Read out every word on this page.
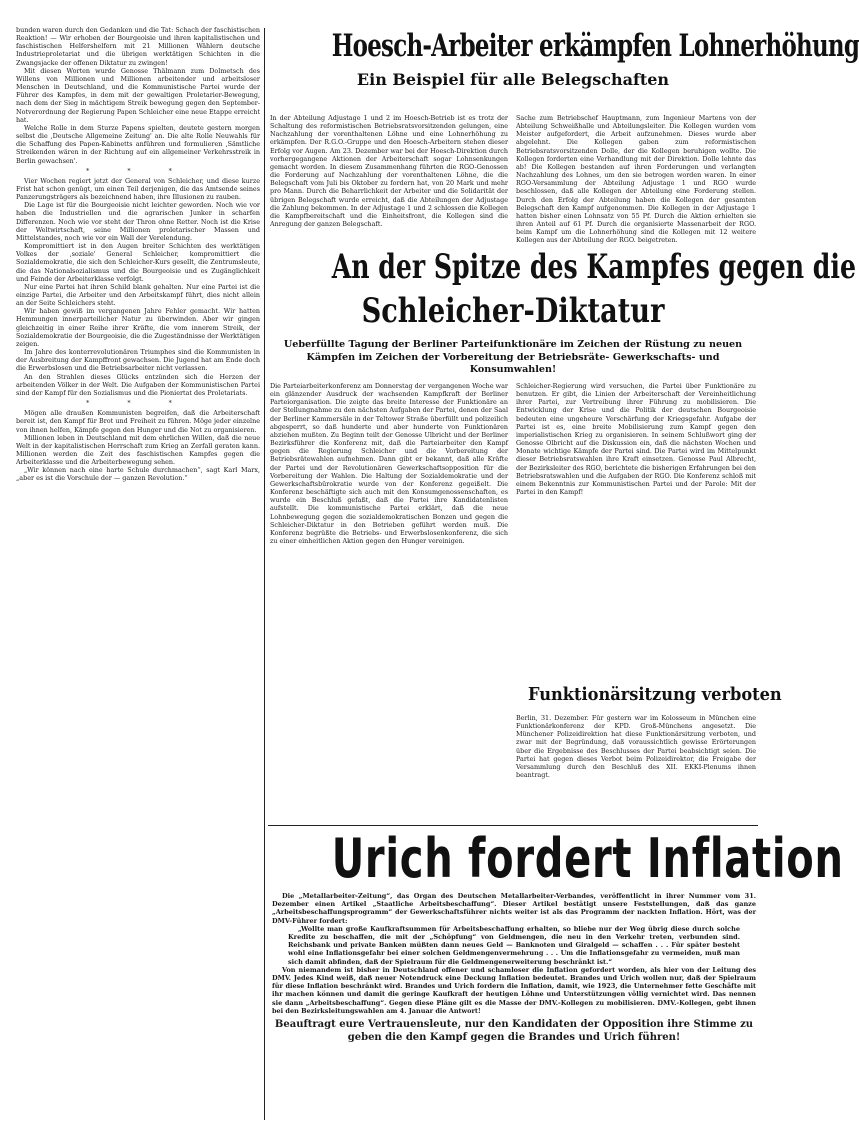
bunden waren durch den Gedanken und die Tat: Schach der faschistischen Reaktion! — Wir erhoben der Bourgeoisie und ihren kapitalistischen und faschistischen Helfershelfern mit 21 Millionen Wählern deutsche Industrieproletariat und die übrigen werktätigen Schichten in die Zwangsjacke der offenen Diktatur zu zwingen!

Mit diesen Worten wurde Genosse Thälmann zum Dolmetsch des Willens von Millionen und Millionen arbeitender und arbeitsloser Menschen in Deutschland, und die Kommunistische Partei wurde der Führer des Kampfes, in dem mit der gewaltigen Proletarier-Bewegung, nach dem der Sieg in mächtigem Streik bewegung gegen den September-Notverordnung der Regierung Papen Schleicher eine neue Etappe erreicht hat.

Welche Rolle in dem Sturze Papens spielten, deutete gestern morgen selbst die ,Deutsche Allgemeine Zeitung' an. Die alte Rolle Neuwahls für die Schaffung des Papen-Kabinetts anführen und formulieren ,Sämtliche Streikenden wären in der Richtung auf ein allgemeiner Verkehrsstreik in Berlin gewachsen'.

* * *

Vier Wochen regiert jetzt der General von Schleicher, und diese kurze Frist hat schon genügt, um einen Teil derjenigen, die das Amtsende seines Panzerungsträgers als bezeichnend haben, ihre Illusionen zu rauben.

Die Lage ist für die Bourgeoisie nicht leichter geworden. Noch wie vor haben die Industriellen und die agrarischen Junker in scharfen Differenzen. Noch wie vor steht der Thron ohne Retter. Noch ist die Krise der Weltwirtschaft, seine Millionen proletarischer Massen und Mittelstandes, noch wie vor ein Wall der Verelendung.

Kompromittiert ist in den Augen breiter Schichten des werktätigen Volkes der ,soziale' General Schleicher, kompromittiert die Sozialdemokratie, die sich den Schleicher-Kurs gesellt, die Zentrumsleute, die das Nationalsozialismus und die Bourgeoisie und es Zugänglichkeit und Feinde der Arbeiterklasse verfolgt.

Nur eine Partei hat ihren Schild blank gehalten. Nur eine Partei ist die einzige Partei, die Arbeiter und den Arbeitskampf führt, dies nicht allein an der Seite Schleichers steht.

Wir haben gewiß im vergangenen Jahre Fehler gemacht. Wir hatten Hemmungen innerparteilicher Natur zu überwinden. Aber wir gingen gleichzeitig in einer Reihe ihrer Kräfte, die vom innerem Streik, der Sozialdemokratie der Bourgeoisie, die die Zugeständnisse der Werktätigen zeigen.

Im Jahre des konterrevolutionären Triumphes sind die Kommunisten in der Ausbreitung der Kampffront gewachsen. Die Jugend hat am Ende doch die Erwerbslosen und die Betriebsarbeiter nicht verlassen.

An den Strahlen dieses Glücks entzünden sich die Herzen der arbeitenden Völker in der Welt. Die Aufgaben der Kommunistischen Partei sind der Kampf für den Sozialismus und die Pioniertat des Proletariats.

* * *

Mögen alle draußen Kommunisten begreifen, daß die Arbeiterschaft bereit ist, den Kampf für Brot und Freiheit zu führen. Möge jeder einzelne von ihnen helfen, Kämpfe gegen den Hunger und die Not zu organisieren.

Millionen leben in Deutschland mit dem ehrlichen Willen, daß die neue Welt in der kapitalistischen Herrschaft zum Krieg an Zerfall geraten kann. Millionen werden die Zeit des faschistischen Kampfes gegen die Arbeiterklasse und die Arbeiterbewegung sehen.

„Wir können nach eine harte Schule durchmachen“, sagt Karl Marx, „aber es ist die Vorschule der — ganzen Revolution.“

Hoesch-Arbeiter erkämpfen Lohnerhöhung
Ein Beispiel für alle Belegschaften
In der Abteilung Adjustage 1 und 2 im Hoesch-Betrieb ist es trotz der Schaltung des reformistischen Betriebsratsvorsitzenden gelungen, eine Nachzahlung der vorenthaltenen Löhne und eine Lohnerhöhung zu erkämpfen. Der R.G.O.-Gruppe und den Hoesch-Arbeitern stehen dieser Erfolg vor Augen. Am 23. Dezember war bei der Hoesch-Direktion durch vorhergegangene Aktionen der Arbeiterschaft sogar Lohnsenkungen gemacht worden. In diesem Zusammenhang führten die RGO-Genossen die Forderung auf Nachzahlung der vorenthaltenen Löhne, die die Belegschaft vom Juli bis Oktober zu fordern hat, von 20 Mark und mehr pro Mann. Durch die Beharrlichkeit der Arbeiter und die Solidarität der übrigen Belegschaft wurde erreicht, daß die Abteilungen der Adjustage die Zahlung bekommen. In der Adjustage 1 und 2 schlossen die Kollegen die Kampfbereitschaft und die Einheitsfront, die Kollegen sind die Anregung der ganzen Belegschaft.
Sache zum Betriebschef Hauptmann, zum Ingenieur Martens von der Abteilung Schweißhalle und Abteilungsleiter. Die Kollegen wurden vom Meister aufgefordert, die Arbeit aufzunehmen. Dieses wurde aber abgelehnt. Die Kollegen gaben zum reformistischen Betriebsratsvorsitzenden Dolle, der die Kollegen beruhigen wollte. Die Kollegen forderten eine Verhandlung mit der Direktion. Dolle lehnte das ab! Die Kollegen bestanden auf ihren Forderungen und verlangten Nachzahlung des Lohnes, um den sie betrogen worden waren. In einer RGO-Versammlung der Abteilung Adjustage 1 und RGO wurde beschlossen, daß alle Kollegen der Abteilung eine Forderung stellen. Durch den Erfolg der Abteilung haben die Kollegen der gesamten Belegschaft den Kampf aufgenommen. Die Kollegen in der Adjustage 1 hatten bisher einen Lohnsatz von 55 Pf. Durch die Aktion erhielten sie ihren Anteil auf 61 Pf. Durch die organisierte Massenarbeit der RGO. beim Kampf um die Lohnerhöhung sind die Kollegen mit 12 weitere Kollegen aus der Abteilung der RGO. beigetreten.
An der Spitze des Kampfes gegen die
Schleicher-Diktatur
Ueberfüllte Tagung der Berliner Parteifunktionäre im Zeichen der Rüstung zu neuen Kämpfen im Zeichen der Vorbereitung der Betriebsräte- Gewerkschafts- und Konsumwahlen!
Die Parteiarbeiterkonferenz am Donnerstag der vergangenen Woche war ein glänzender Ausdruck der wachsenden Kampfkraft der Berliner Parteiorganisation. Die zeigte das breite Interesse der Funktionäre an der Stellungnahme zu den nächsten Aufgaben der Partei, denen der Saal der Berliner Kammersäle in der Teltower Straße überfüllt und polizeilich abgesperrt, so daß hunderte und aber hunderte von Funktionären abziehen mußten. Zu Beginn teilt der Genosse Ulbricht und der Berliner Bezirksführer die Konferenz mit, daß die Parteiarbeiter den Kampf gegen die Regierung Schleicher und die Vorbereitung der Betriebsrätewahlen aufnehmen. Dann gibt er bekannt, daß alle Kräfte der Partei und der Revolutionären Gewerkschaftsopposition für die Vorbereitung der Wahlen. Die Haltung der Sozialdemokratie und der Gewerkschaftsbürokratie wurde von der Konferenz gegeißelt. Die Konferenz beschäftigte sich auch mit den Konsumgenossenschaften, es wurde ein Beschluß gefaßt, daß die Partei ihre Kandidatenlisten aufstellt. Die kommunistische Partei erklärt, daß die neue Lohnbewegung gegen die sozialdemokratischen Bonzen und gegen die Schleicher-Diktatur in den Betrieben geführt werden muß. Die Konferenz begrüßte die Betriebs- und Erwerbslosenkonferenz, die sich zu einer einheitlichen Aktion gegen den Hunger vereinigen.
Schleicher-Regierung wird versuchen, die Partei über Funktionäre zu benutzen. Er gibt, die Linien der Arbeiterschaft der Vereinheitlichung ihrer Partei, zur Vertreibung ihrer Führung zu mobilisieren. Die Entwicklung der Krise und die Politik der deutschen Bourgeoisie bedeuten eine ungeheure Verschärfung der Kriegsgefahr. Aufgabe der Partei ist es, eine breite Mobilisierung zum Kampf gegen den imperialistischen Krieg zu organisieren. In seinem Schlußwort ging der Genosse Olbricht auf die Diskussion ein, daß die nächsten Wochen und Monate wichtige Kämpfe der Partei sind. Die Partei wird im Mittelpunkt dieser Betriebsratswahlen ihre Kraft einsetzen. Genosse Paul Albrecht, der Bezirksleiter des RGO, berichtete die bisherigen Erfahrungen bei den Betriebsratswahlen und die Aufgaben der RGO. Die Konferenz schloß mit einem Bekenntnis zur Kommunistischen Partei und der Parole: Mit der Partei in den Kampf!
Funktionärsitzung verboten
Berlin, 31. Dezember. Für gestern war im Kolosseum in München eine Funktionärkonferenz der KPD. Groß-Münchens angesetzt. Die Münchener Polizeidirektion hat diese Funktionärsitzung verboten, und zwar mit der Begründung, daß voraussichtlich gewisse Erörterungen über die Ergebnisse des Beschlusses der Partei beabsichtigt seien. Die Partei hat gegen dieses Verbot beim Polizeidirektor, die Freigabe der Versammlung durch den Beschluß des XII. EKKI-Plenums ihnen beantragt.
Urich fordert Inflation

Die „Metallarbeiter-Zeitung“, das Organ des Deutschen Metallarbeiter-Verbandes, veröffentlicht in ihrer Nummer vom 31. Dezember einen Artikel „Staatliche Arbeitsbeschaffung“. Dieser Artikel bestätigt unsere Feststellungen, daß das ganze „Arbeitsbeschaffungsprogramm“ der Gewerkschaftsführer nichts weiter ist als das Programm der nackten Inflation. Hört, was der DMV-Führer fordert:

„Wollte man große Kaufkraftsummen für Arbeitsbeschaffung erhalten, so bliebe nur der Weg übrig diese durch solche Kredite zu beschaffen, die mit der „Schöpfung“ von Geldmengen, die neu in den Verkehr treten, verbunden sind. Reichsbank und private Banken müßten dann neues Geld — Banknoten und Giralgeld — schaffen . . . Für später besteht wohl eine Inflationsgefahr bei einer solchen Geldmengenvermehrung . . . Um die Inflationsgefahr zu vermeiden, muß man sich damit abfinden, daß der Spielraum für die Geldmengenerweiterung beschränkt ist.“

Von niemandem ist bisher in Deutschland offener und schamloser die Inflation gefordert worden, als hier von der Leitung des DMV. Jedes Kind weiß, daß neuer Notendruck eine Deckung Inflation bedeutet. Brandes und Urich wollen nur, daß der Spielraum für diese Inflation beschränkt wird. Brandes und Urich fordern die Inflation, damit, wie 1923, die Unternehmer fette Geschäfte mit ihr machen können und damit die geringe Kaufkraft der heutigen Löhne und Unterstützungen völlig vernichtet wird. Das nennen sie dann „Arbeitsbeschaffung“. Gegen diese Pläne gilt es die Masse der DMV.-Kollegen zu mobilisieren. DMV.-Kollegen, gebt ihnen bei den Bezirksleitungswahlen am 4. Januar die Antwort!

Beauftragt eure Vertrauensleute, nur den Kandidaten der Opposition ihre Stimme zu geben die den Kampf gegen die Brandes und Urich führen!
